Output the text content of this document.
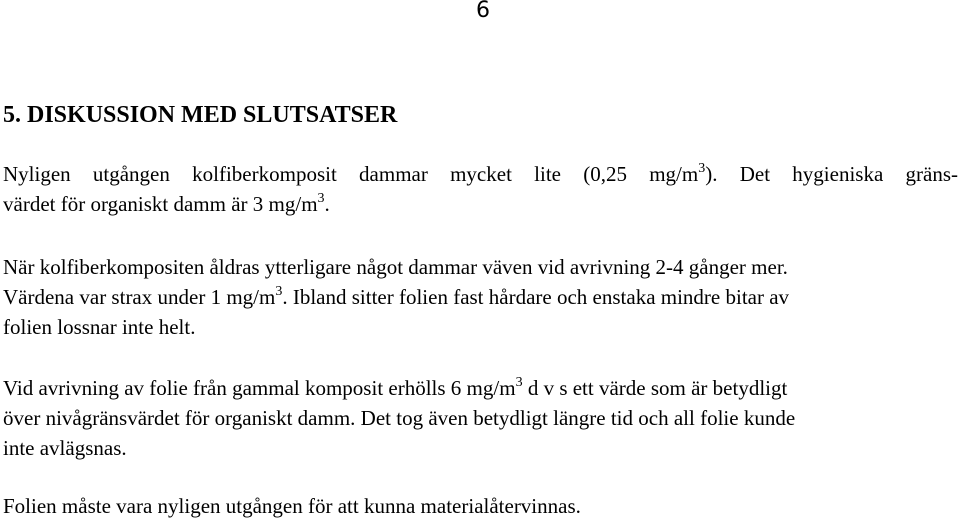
6
5. DISKUSSION MED SLUTSATSER
Nyligen utgången kolfiberkomposit dammar mycket lite (0,25 $mg/m^3$). Det hygieniska gräns-
värdet för organiskt damm är 3 $mg/m^3$.
När kolfiberkompositen åldras ytterligare något dammar väven vid avrivning 2-4 gånger mer.
Värdena var strax under 1 $mg/m^3$. Ibland sitter folien fast hårdare och enstaka mindre bitar av
folien lossnar inte helt.
Vid avrivning av folie från gammal komposit erhölls 6 $mg/m^3$ d v s ett värde som är betydligt
över nivågränsvärdet för organiskt damm. Det tog även betydligt längre tid och all folie kunde
inte avlägsnas.
Folien måste vara nyligen utgången för att kunna materialåtervinnas.
